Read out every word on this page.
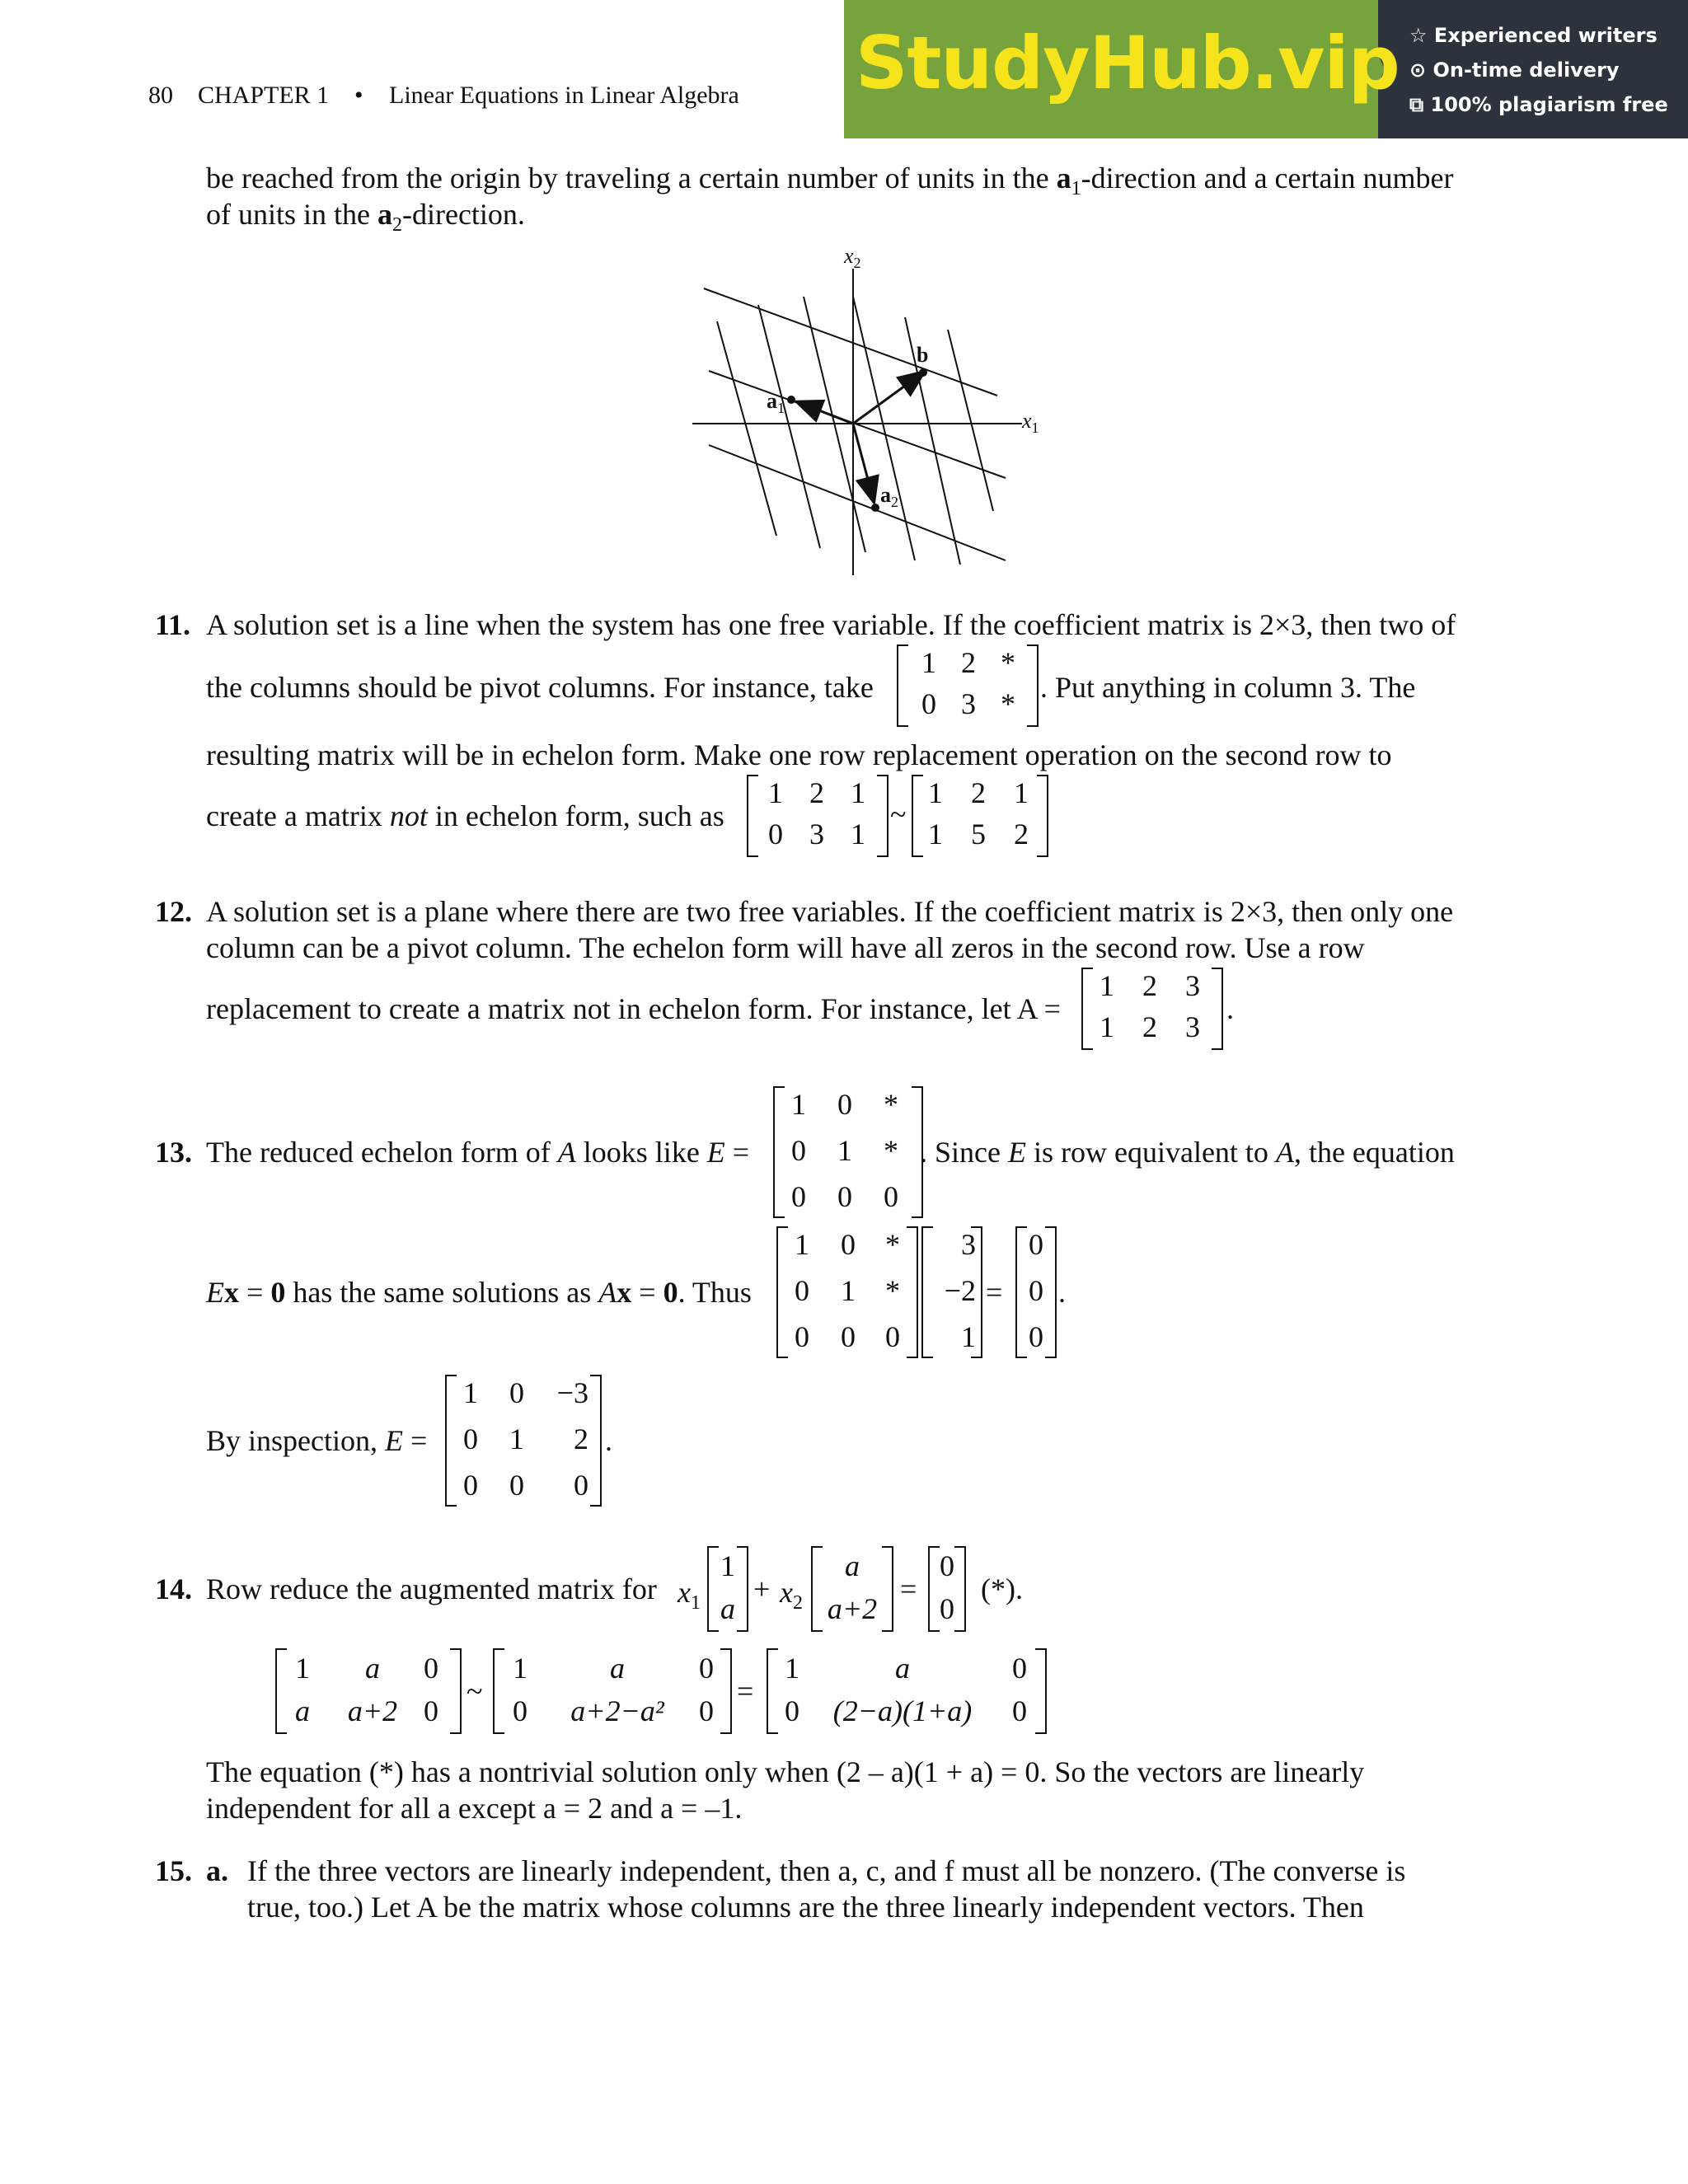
80 CHAPTER 1 • Linear Equations in Linear Algebra StudyHub.vip ☆ Experienced writers
⊙ On-time delivery
⧉ 100% plagiarism free
be reached from the origin by traveling a certain number of units in the $a_1$-direction and a certain number
of units in the $a_2$-direction.
$x_2$
$x_1$
b
$a_1$
$a_2$
11. A solution set is a line when the system has one free variable. If the coefficient matrix is 2×3, then two of
the columns should be pivot columns. For instance, take
1 2 *
0 3 * . Put anything in column 3. The
resulting matrix will be in echelon form. Make one row replacement operation on the second row to
create a matrix not in echelon form, such as
1 2 1
0 3 1
~
1 2 1
1 5 2
12. A solution set is a plane where there are two free variables. If the coefficient matrix is 2×3, then only one
column can be a pivot column. The echelon form will have all zeros in the second row. Use a row
replacement to create a matrix not in echelon form. For instance, let A =
1 2 3
1 2 3
.
13. The reduced echelon form of A looks like E =
1 0 *
0 1 *
0 0 0
. Since E is row equivalent to A, the equation
Ex = 0 has the same solutions as Ax = 0. Thus
1 0 *
0 1 *
0 0 0
3
−2
1
=
0
0
0
.
By inspection, E =
1 0	−3
0 1	2
0 0	0
.
14. Row reduce the augmented matrix for $x_1$
1
a
+ $x_2$
a
a+2
=
0
0
(*).
1	a	0
a a+2 0
~
1	a	0
0	a+2−a²	0
=
1	a	0
0	(2−a)(1+a)	0
The equation (*) has a nontrivial solution only when (2 – a)(1 + a) = 0. So the vectors are linearly
independent for all a except a = 2 and a = –1.
15. a. If the three vectors are linearly independent, then a, c, and f must all be nonzero. (The converse is
true, too.) Let A be the matrix whose columns are the three linearly independent vectors. Then
